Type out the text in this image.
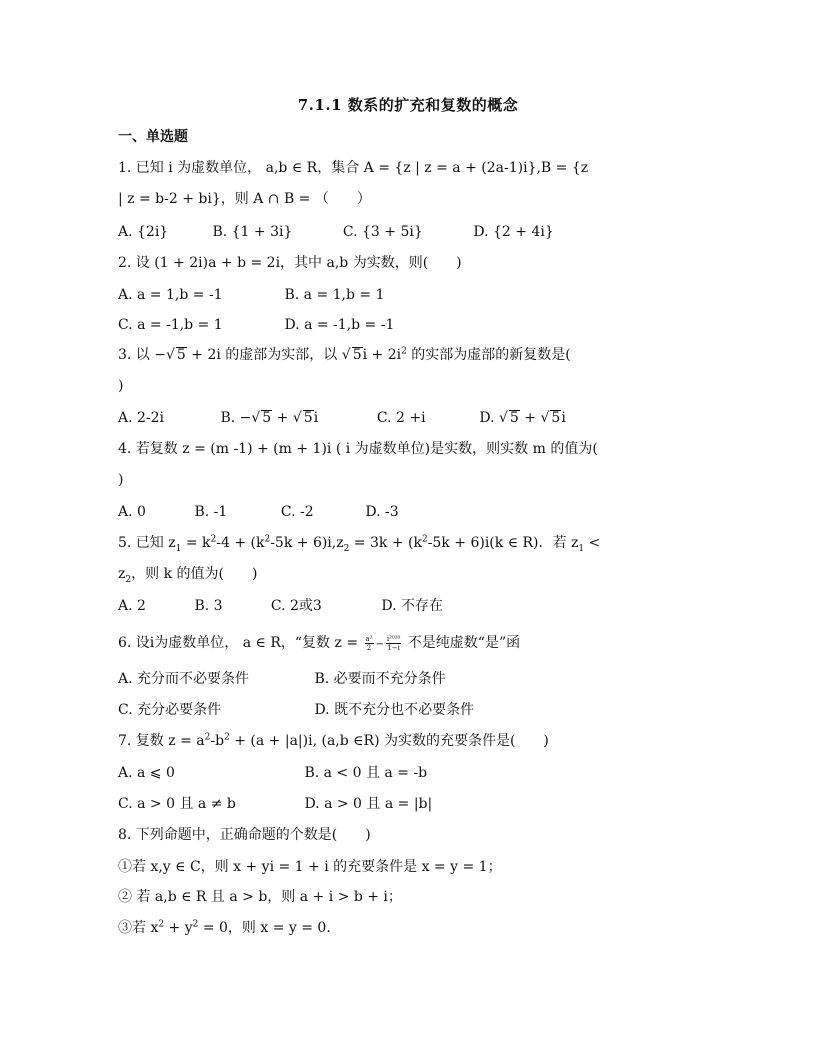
7.1.1 数系的扩充和复数的概念
一、单选题
1. 已知 i 为虚数单位， a,b ∈ R，集合 A = {z | z = a + (2a-1)i},B = {z
| z = b-2 + bi}，则 A ∩ B = （　　）
A. {2i}	B. {1 + 3i}	C. {3 + 5i}	D. {2 + 4i}
2. 设 (1 + 2i)a + b = 2i，其中 a,b 为实数，则(　　)
A. a = 1,b = -1	B. a = 1,b = 1
C. a = -1,b = 1	D. a = -1,b = -1
3. 以 −√ 5 + 2i 的虚部为实部，以 √ $5i + 2i^2$ 的实部为虚部的新复数是(
)
A. 2-2i	B. −√ 5 + √ 5i	C. 2 +i	D. √ 5 + √ 5i
4. 若复数 z = (m -1) + (m + 1)i ( i 为虚数单位)是实数，则实数 m 的值为(
)
A. 0	B. -1	C. -2	D. -3
5. 已知 $z_1 = k^2-4 + (k^2-5k + 6)i,z_2 = 3k + (k^2-5k + 6)i(k$ ∈ R)．若 $z_1$ <
$z_2$，则 k 的值为(　　)
A. 2	B. 3	C. 2或3	D. 不存在
6. 设i为虚数单位， a ∈ R，“复数 $z = \frac{\text{a²}}{2} - \frac{\text{i²⁰²⁰}}{1-i}$ 不是纯虚数“是”函
A. 充分而不必要条件	B. 必要而不充分条件
C. 充分必要条件	D. 既不充分也不必要条件
7. 复数 $z = a^2-b^2 + (a + |a|)i$, (a,b ∈R) 为实数的充要条件是(　　)
A. a ⩽ 0	B. a < 0 且 a = -b
C. a > 0 且 a ≠ b	D. a > 0 且 a = |b|
8. 下列命题中，正确命题的个数是(　　)
①若 x,y ∈ C，则 x + yi = 1 + i 的充要条件是 x = y = 1；
② 若 a,b ∈ R 且 a > b，则 a + i > b + i；
③若 $x^2 + y^2 = 0$，则 x = y = 0．
